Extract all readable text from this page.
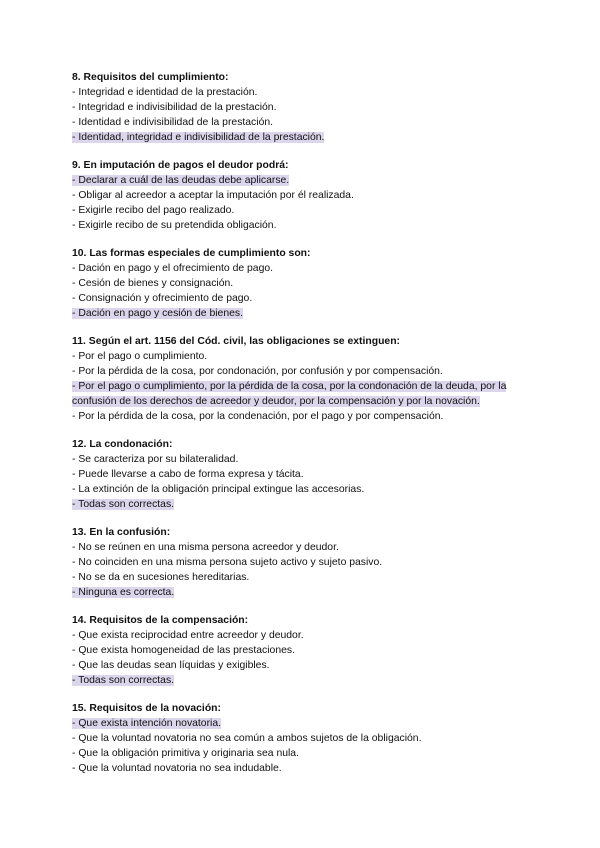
8. Requisitos del cumplimiento:
- Integridad e identidad de la prestación.
- Integridad e indivisibilidad de la prestación.
- Identidad e indivisibilidad de la prestación.
- Identidad, integridad e indivisibilidad de la prestación.
9. En imputación de pagos el deudor podrá:
- Declarar a cuál de las deudas debe aplicarse.
- Obligar al acreedor a aceptar la imputación por él realizada.
- Exigirle recibo del pago realizado.
- Exigirle recibo de su pretendida obligación.
10. Las formas especiales de cumplimiento son:
- Dación en pago y el ofrecimiento de pago.
- Cesión de bienes y consignación.
- Consignación y ofrecimiento de pago.
- Dación en pago y cesión de bienes.
11. Según el art. 1156 del Cód. civil, las obligaciones se extinguen:
- Por el pago o cumplimiento.
- Por la pérdida de la cosa, por condonación, por confusión y por compensación.
- Por el pago o cumplimiento, por la pérdida de la cosa, por la condonación de la deuda, por la confusión de los derechos de acreedor y deudor, por la compensación y por la novación.
- Por la pérdida de la cosa, por la condenación, por el pago y por compensación.
12. La condonación:
- Se caracteriza por su bilateralidad.
- Puede llevarse a cabo de forma expresa y tácita.
- La extinción de la obligación principal extingue las accesorias.
- Todas son correctas.
13. En la confusión:
- No se reúnen en una misma persona acreedor y deudor.
- No coinciden en una misma persona sujeto activo y sujeto pasivo.
- No se da en sucesiones hereditarias.
- Ninguna es correcta.
14. Requisitos de la compensación:
- Que exista reciprocidad entre acreedor y deudor.
- Que exista homogeneidad de las prestaciones.
- Que las deudas sean líquidas y exigibles.
- Todas son correctas.
15. Requisitos de la novación:
- Que exista intención novatoria.
- Que la voluntad novatoria no sea común a ambos sujetos de la obligación.
- Que la obligación primitiva y originaria sea nula.
- Que la voluntad novatoria no sea indudable.
